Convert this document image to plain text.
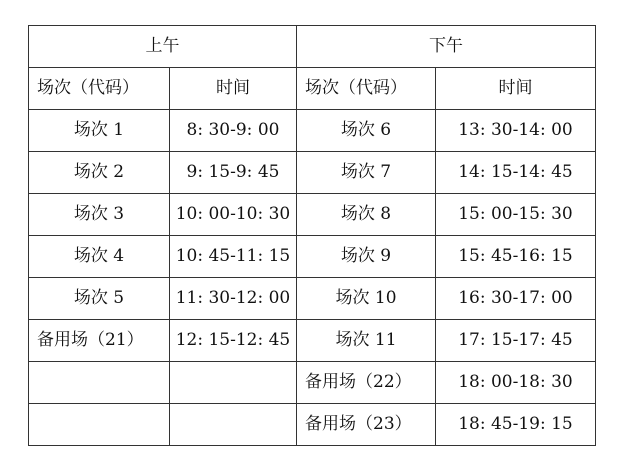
上午		下午	
场次（代码）	时间	场次（代码）	时间
场次 1	8: 30-9: 00	场次 6	13: 30-14: 00
场次 2	9: 15-9: 45	场次 7	14: 15-14: 45
场次 3	10: 00-10: 30	场次 8	15: 00-15: 30
场次 4	10: 45-11: 15	场次 9	15: 45-16: 15
场次 5	11: 30-12: 00	场次 10	16: 30-17: 00
备用场（21）	12: 15-12: 45	场次 11	17: 15-17: 45
		备用场（22）	18: 00-18: 30
		备用场（23）	18: 45-19: 15
